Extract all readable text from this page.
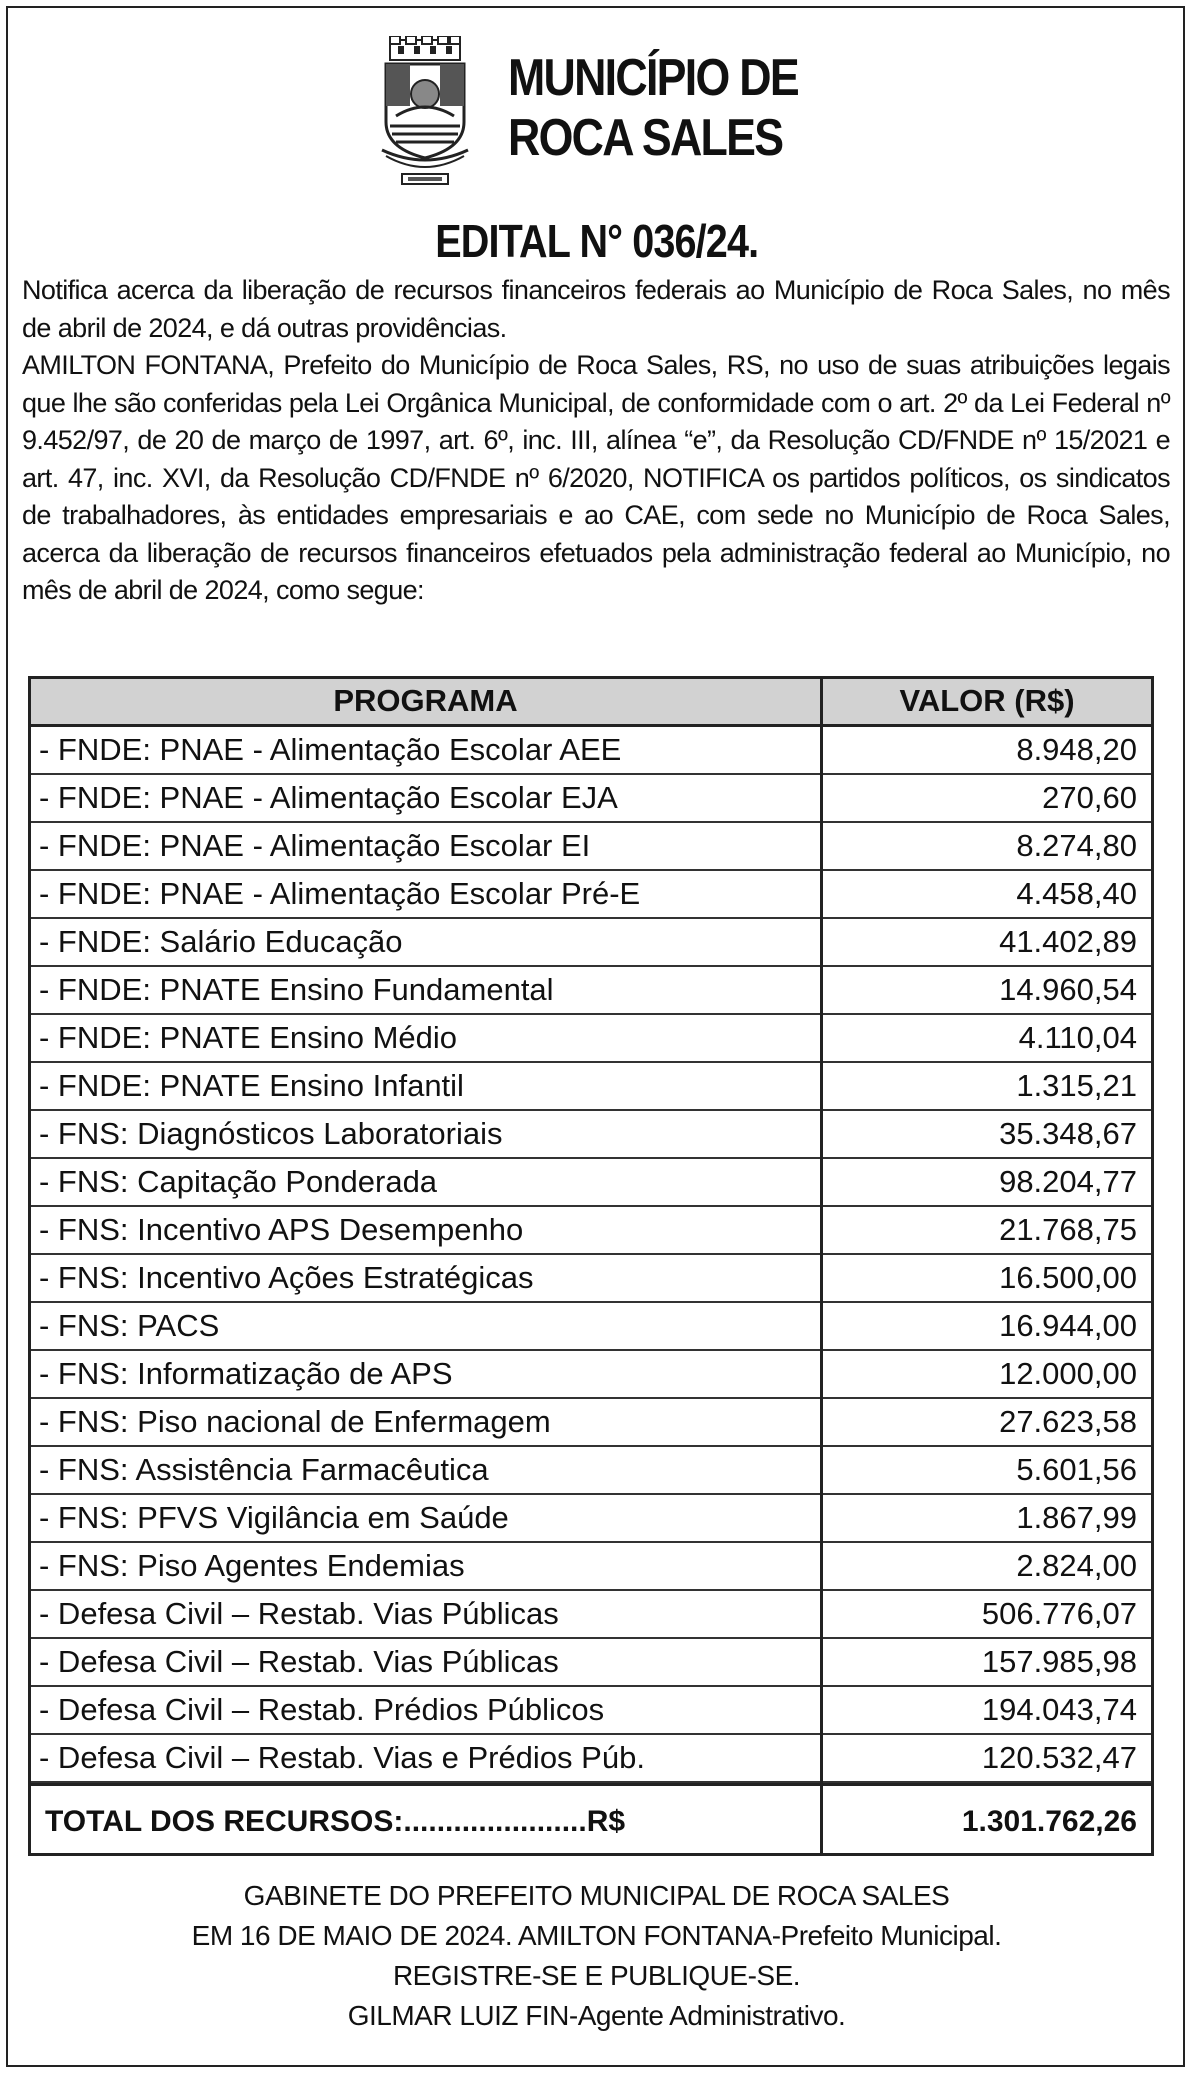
MUNICÍPIO DE
ROCA SALES
EDITAL N° 036/24.

Notifica acerca da liberação de recursos financeiros federais ao Município de Roca Sales, no mês de abril de 2024, e dá outras providências.

AMILTON FONTANA, Prefeito do Município de Roca Sales, RS, no uso de suas atribuições legais que lhe são conferidas pela Lei Orgânica Municipal, de conformidade com o art. 2º da Lei Federal nº 9.452/97, de 20 de março de 1997, art. 6º, inc. III, alínea “e”, da Resolução CD/FNDE nº 15/2021 e art. 47, inc. XVI, da Resolução CD/FNDE nº 6/2020, NOTIFICA os partidos políticos, os sindicatos de trabalhadores, às entidades empresariais e ao CAE, com sede no Município de Roca Sales, acerca da liberação de recursos financeiros efetuados pela administração federal ao Município, no mês de abril de 2024, como segue:

PROGRAMA	VALOR (R$)
- FNDE: PNAE - Alimentação Escolar AEE	8.948,20
- FNDE: PNAE - Alimentação Escolar EJA	270,60
- FNDE: PNAE - Alimentação Escolar EI	8.274,80
- FNDE: PNAE - Alimentação Escolar Pré-E	4.458,40
- FNDE: Salário Educação	41.402,89
- FNDE: PNATE Ensino Fundamental	14.960,54
- FNDE: PNATE Ensino Médio	4.110,04
- FNDE: PNATE Ensino Infantil	1.315,21
- FNS: Diagnósticos Laboratoriais	35.348,67
- FNS: Capitação Ponderada	98.204,77
- FNS: Incentivo APS Desempenho	21.768,75
- FNS: Incentivo Ações Estratégicas	16.500,00
- FNS: PACS	16.944,00
- FNS: Informatização de APS	12.000,00
- FNS: Piso nacional de Enfermagem	27.623,58
- FNS: Assistência Farmacêutica	5.601,56
- FNS: PFVS Vigilância em Saúde	1.867,99
- FNS: Piso Agentes Endemias	2.824,00
- Defesa Civil – Restab. Vias Públicas	506.776,07
- Defesa Civil – Restab. Vias Públicas	157.985,98
- Defesa Civil – Restab. Prédios Públicos	194.043,74
- Defesa Civil – Restab. Vias e Prédios Púb.	120.532,47
TOTAL DOS RECURSOS:......................R$	1.301.762,26
GABINETE DO PREFEITO MUNICIPAL DE ROCA SALES
EM 16 DE MAIO DE 2024. AMILTON FONTANA-Prefeito Municipal.
REGISTRE-SE E PUBLIQUE-SE.
GILMAR LUIZ FIN-Agente Administrativo.
